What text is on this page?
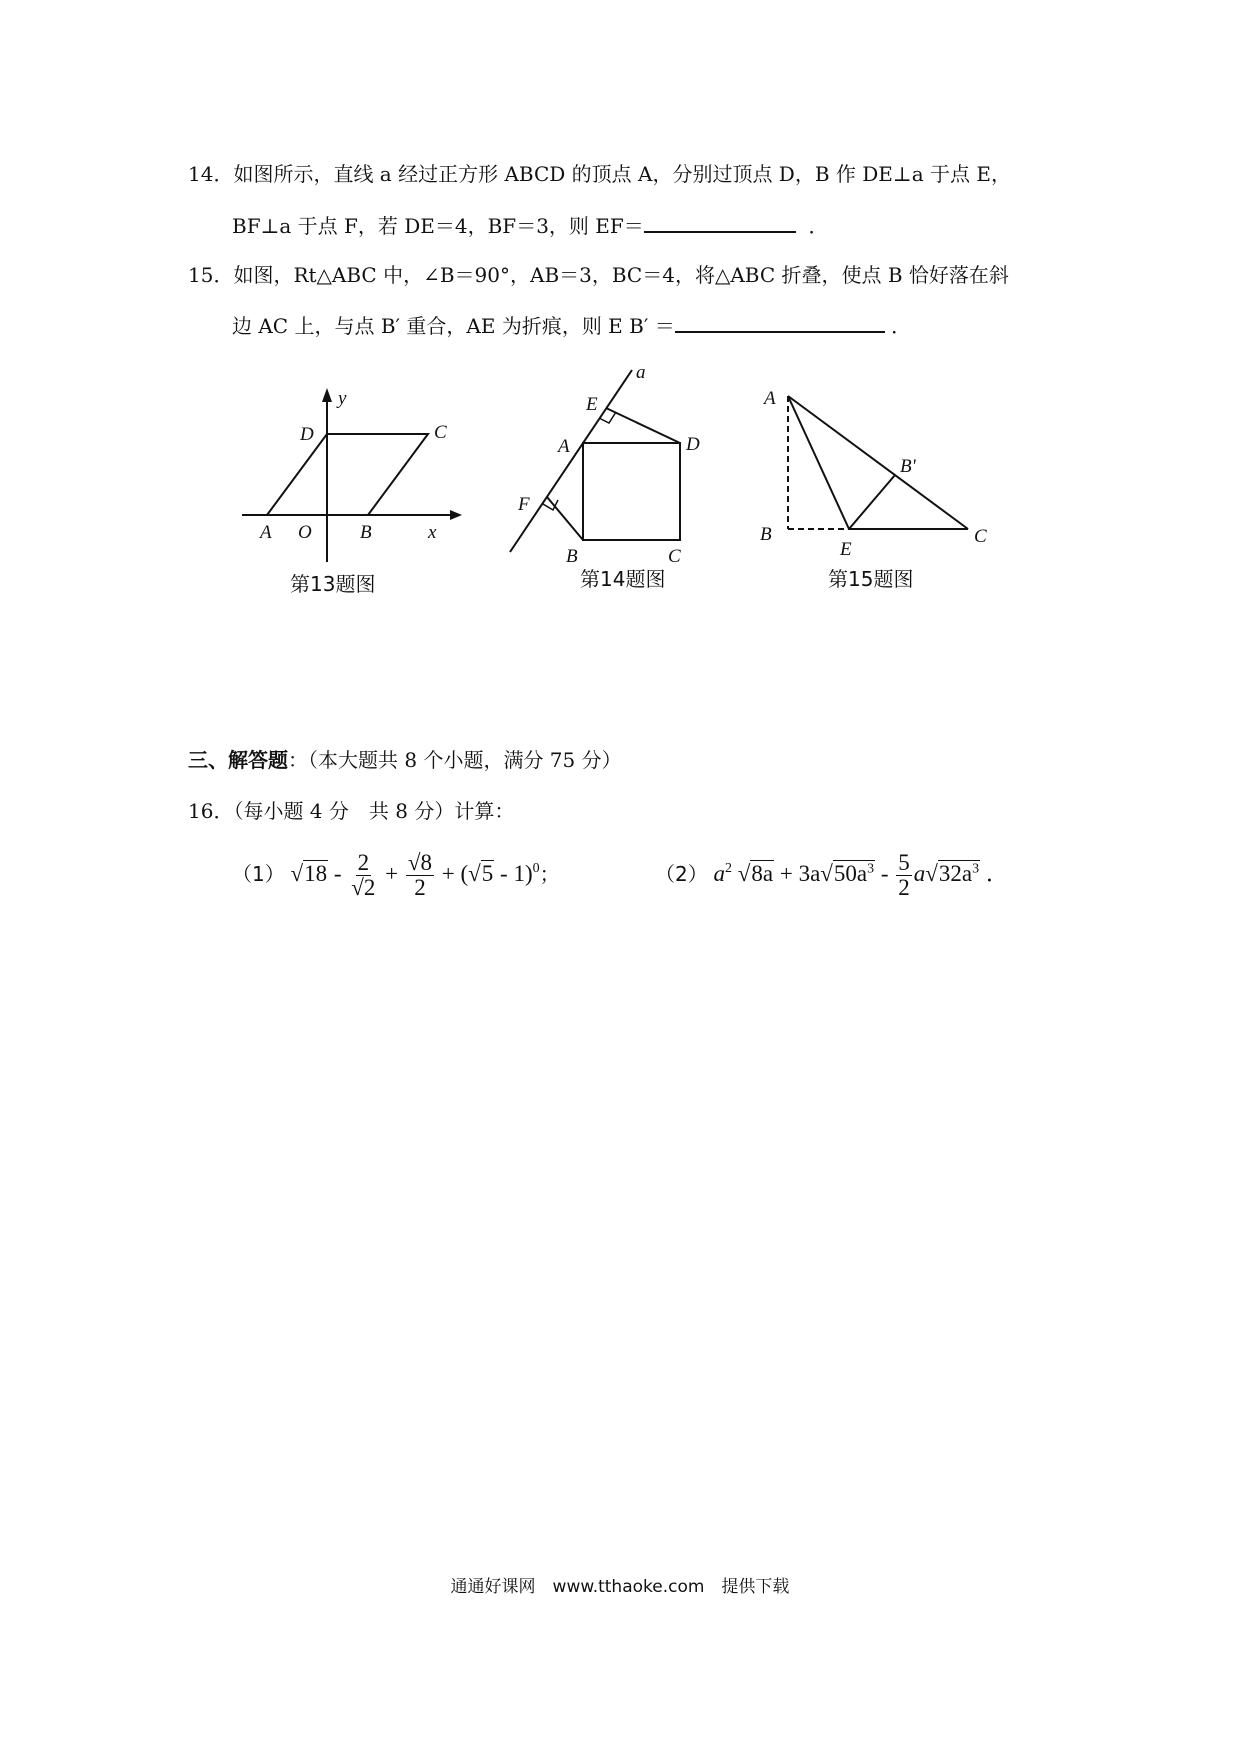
14．如图所示，直线 a 经过正方形 ABCD 的顶点 A，分别过顶点 D，B 作 DE⊥a 于点 E，
BF⊥a 于点 F，若 DE＝4，BF＝3，则 EF＝	．
15．如图，Rt△ABC 中，∠B＝90°，AB＝3，BC＝4，将△ABC 折叠，使点 B 恰好落在斜
边 AC 上，与点 B′ 重合，AE 为折痕，则 E B′ ＝	．
y
D	C
A O	B	x
第13题图
a
E
A	D
F
B	C
第14题图
A
B'
B
E
C
第15题图
三、解答题：（本大题共 8 个小题，满分 75 分）
16．（每小题 4 分　共 8 分）计算：
（1） $√18 - \frac{2}{√2} + \frac{√8}{2} + (√5 - 1)^0$；	（2） $a^2$ $√8a + 3a√50a^3 - \frac{5}{2} a√32a^3$ ．
通通好课网　www.tthaoke.com　提供下载
